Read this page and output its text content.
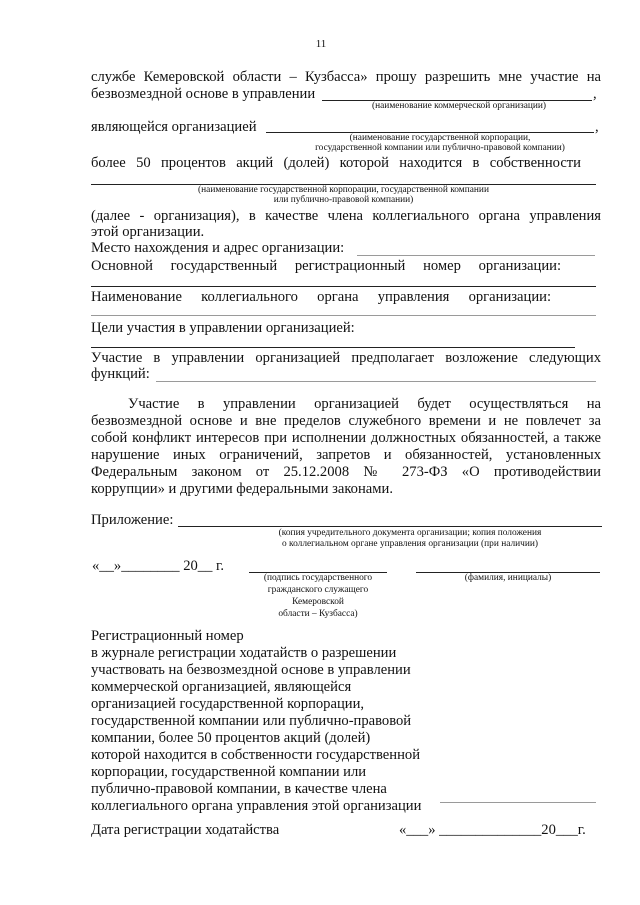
11
службе Кемеровской области – Кузбасса» прошу разрешить мне участие на
безвозмездной основе в управлении	,
(наименование коммерческой организации)
являющейся организацией	,
(наименование государственной корпорации,
государственной компании или публично-правовой компании)
более 50 процентов акций (долей) которой находится в собственности
(наименование государственной корпорации, государственной компании
или публично-правовой компании)
(далее - организация), в качестве члена коллегиального органа управления
этой организации.
Место нахождения и адрес организации:
Основной государственный регистрационный номер организации:
Наименование коллегиального органа управления организации:
Цели участия в управлении организацией:
Участие в управлении организацией предполагает возложение следующих
функций:
Участие в управлении организацией будет осуществляться на
безвозмездной основе и вне пределов служебного времени и не повлечет за
собой конфликт интересов при исполнении должностных обязанностей, а также
нарушение иных ограничений, запретов и обязанностей, установленных
Федеральным законом от 25.12.2008 № 273-ФЗ «О противодействии
коррупции» и другими федеральными законами.
Приложение:
(копия учредительного документа организации; копия положения
о коллегиальном органе управления организации (при наличии)
«__»________ 20__ г.
(подпись государственного
гражданского служащего
Кемеровской
области – Кузбасса)
(фамилия, инициалы)
Регистрационный номер
в журнале регистрации ходатайств о разрешении
участвовать на безвозмездной основе в управлении
коммерческой организацией, являющейся
организацией государственной корпорации,
государственной компании или публично-правовой
компании, более 50 процентов акций (долей)
которой находится в собственности государственной
корпорации, государственной компании или
публично-правовой компании, в качестве члена
коллегиального органа управления этой организации
Дата регистрации ходатайства	«___» ______________20___г.
